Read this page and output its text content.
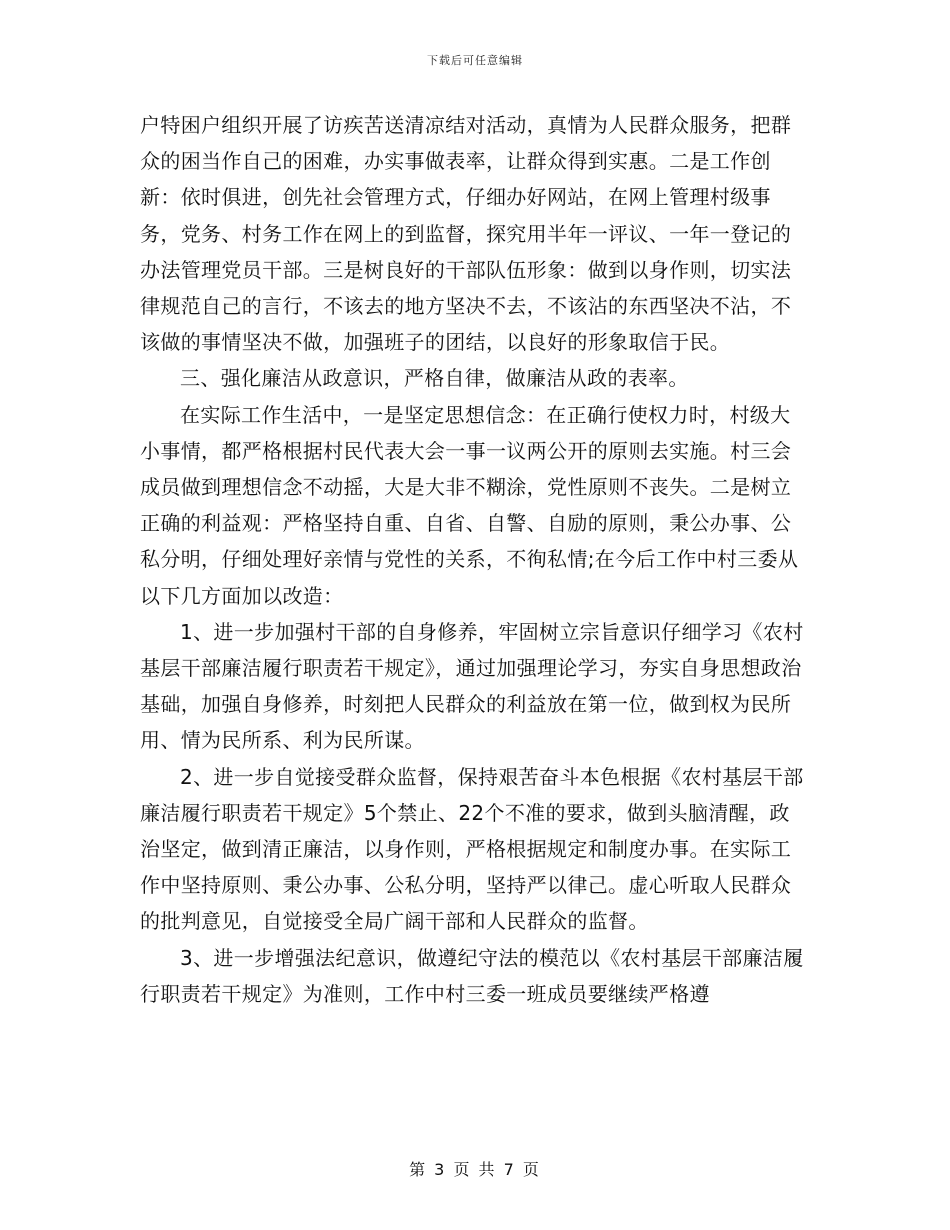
下载后可任意编辑

户特困户组织开展了访疾苦送清凉结对活动，真情为人民群众服务，把群众的困当作自己的困难，办实事做表率，让群众得到实惠。二是工作创新：依时俱进，创先社会管理方式，仔细办好网站，在网上管理村级事务，党务、村务工作在网上的到监督，探究用半年一评议、一年一登记的办法管理党员干部。三是树良好的干部队伍形象：做到以身作则，切实法律规范自己的言行，不该去的地方坚决不去，不该沾的东西坚决不沾，不该做的事情坚决不做，加强班子的团结，以良好的形象取信于民。

三、强化廉洁从政意识，严格自律，做廉洁从政的表率。

在实际工作生活中，一是坚定思想信念：在正确行使权力时，村级大小事情，都严格根据村民代表大会一事一议两公开的原则去实施。村三会成员做到理想信念不动摇，大是大非不糊涂，党性原则不丧失。二是树立正确的利益观：严格坚持自重、自省、自警、自励的原则，秉公办事、公私分明，仔细处理好亲情与党性的关系，不徇私情;在今后工作中村三委从以下几方面加以改造：

1、进一步加强村干部的自身修养，牢固树立宗旨意识仔细学习《农村基层干部廉洁履行职责若干规定》，通过加强理论学习，夯实自身思想政治基础，加强自身修养，时刻把人民群众的利益放在第一位，做到权为民所用、情为民所系、利为民所谋。

2、进一步自觉接受群众监督，保持艰苦奋斗本色根据《农村基层干部廉洁履行职责若干规定》5个禁止、22个不准的要求，做到头脑清醒，政治坚定，做到清正廉洁，以身作则，严格根据规定和制度办事。在实际工作中坚持原则、秉公办事、公私分明，坚持严以律己。虚心听取人民群众的批判意见，自觉接受全局广阔干部和人民群众的监督。

3、进一步增强法纪意识，做遵纪守法的模范以《农村基层干部廉洁履行职责若干规定》为准则，工作中村三委一班成员要继续严格遵

第 3 页 共 7 页
